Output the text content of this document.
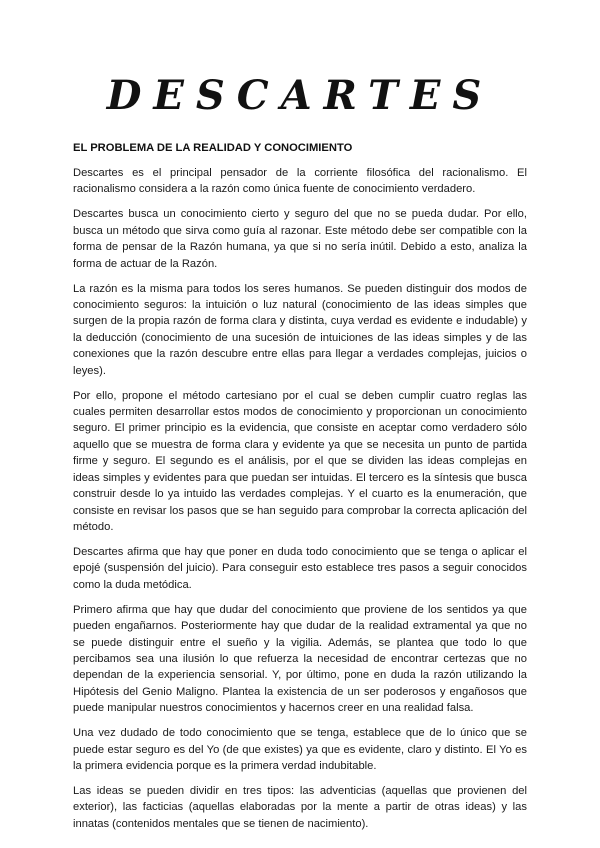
DESCARTES
EL PROBLEMA DE LA REALIDAD Y CONOCIMIENTO

Descartes es el principal pensador de la corriente filosófica del racionalismo. El racionalismo considera a la razón como única fuente de conocimiento verdadero.

Descartes busca un conocimiento cierto y seguro del que no se pueda dudar. Por ello, busca un método que sirva como guía al razonar. Este método debe ser compatible con la forma de pensar de la Razón humana, ya que si no sería inútil. Debido a esto, analiza la forma de actuar de la Razón.

La razón es la misma para todos los seres humanos. Se pueden distinguir dos modos de conocimiento seguros: la intuición o luz natural (conocimiento de las ideas simples que surgen de la propia razón de forma clara y distinta, cuya verdad es evidente e indudable) y la deducción (conocimiento de una sucesión de intuiciones de las ideas simples y de las conexiones que la razón descubre entre ellas para llegar a verdades complejas, juicios o leyes).

Por ello, propone el método cartesiano por el cual se deben cumplir cuatro reglas las cuales permiten desarrollar estos modos de conocimiento y proporcionan un conocimiento seguro. El primer principio es la evidencia, que consiste en aceptar como verdadero sólo aquello que se muestra de forma clara y evidente ya que se necesita un punto de partida firme y seguro. El segundo es el análisis, por el que se dividen las ideas complejas en ideas simples y evidentes para que puedan ser intuidas. El tercero es la síntesis que busca construir desde lo ya intuido las verdades complejas. Y el cuarto es la enumeración, que consiste en revisar los pasos que se han seguido para comprobar la correcta aplicación del método.

Descartes afirma que hay que poner en duda todo conocimiento que se tenga o aplicar el epojé (suspensión del juicio). Para conseguir esto establece tres pasos a seguir conocidos como la duda metódica.

Primero afirma que hay que dudar del conocimiento que proviene de los sentidos ya que pueden engañarnos. Posteriormente hay que dudar de la realidad extramental ya que no se puede distinguir entre el sueño y la vigilia. Además, se plantea que todo lo que percibamos sea una ilusión lo que refuerza la necesidad de encontrar certezas que no dependan de la experiencia sensorial. Y, por último, pone en duda la razón utilizando la Hipótesis del Genio Maligno. Plantea la existencia de un ser poderosos y engañosos que puede manipular nuestros conocimientos y hacernos creer en una realidad falsa.

Una vez dudado de todo conocimiento que se tenga, establece que de lo único que se puede estar seguro es del Yo (de que existes) ya que es evidente, claro y distinto. El Yo es la primera evidencia porque es la primera verdad indubitable.

Las ideas se pueden dividir en tres tipos: las adventicias (aquellas que provienen del exterior), las facticias (aquellas elaboradas por la mente a partir de otras ideas) y las innatas (contenidos mentales que se tienen de nacimiento).
